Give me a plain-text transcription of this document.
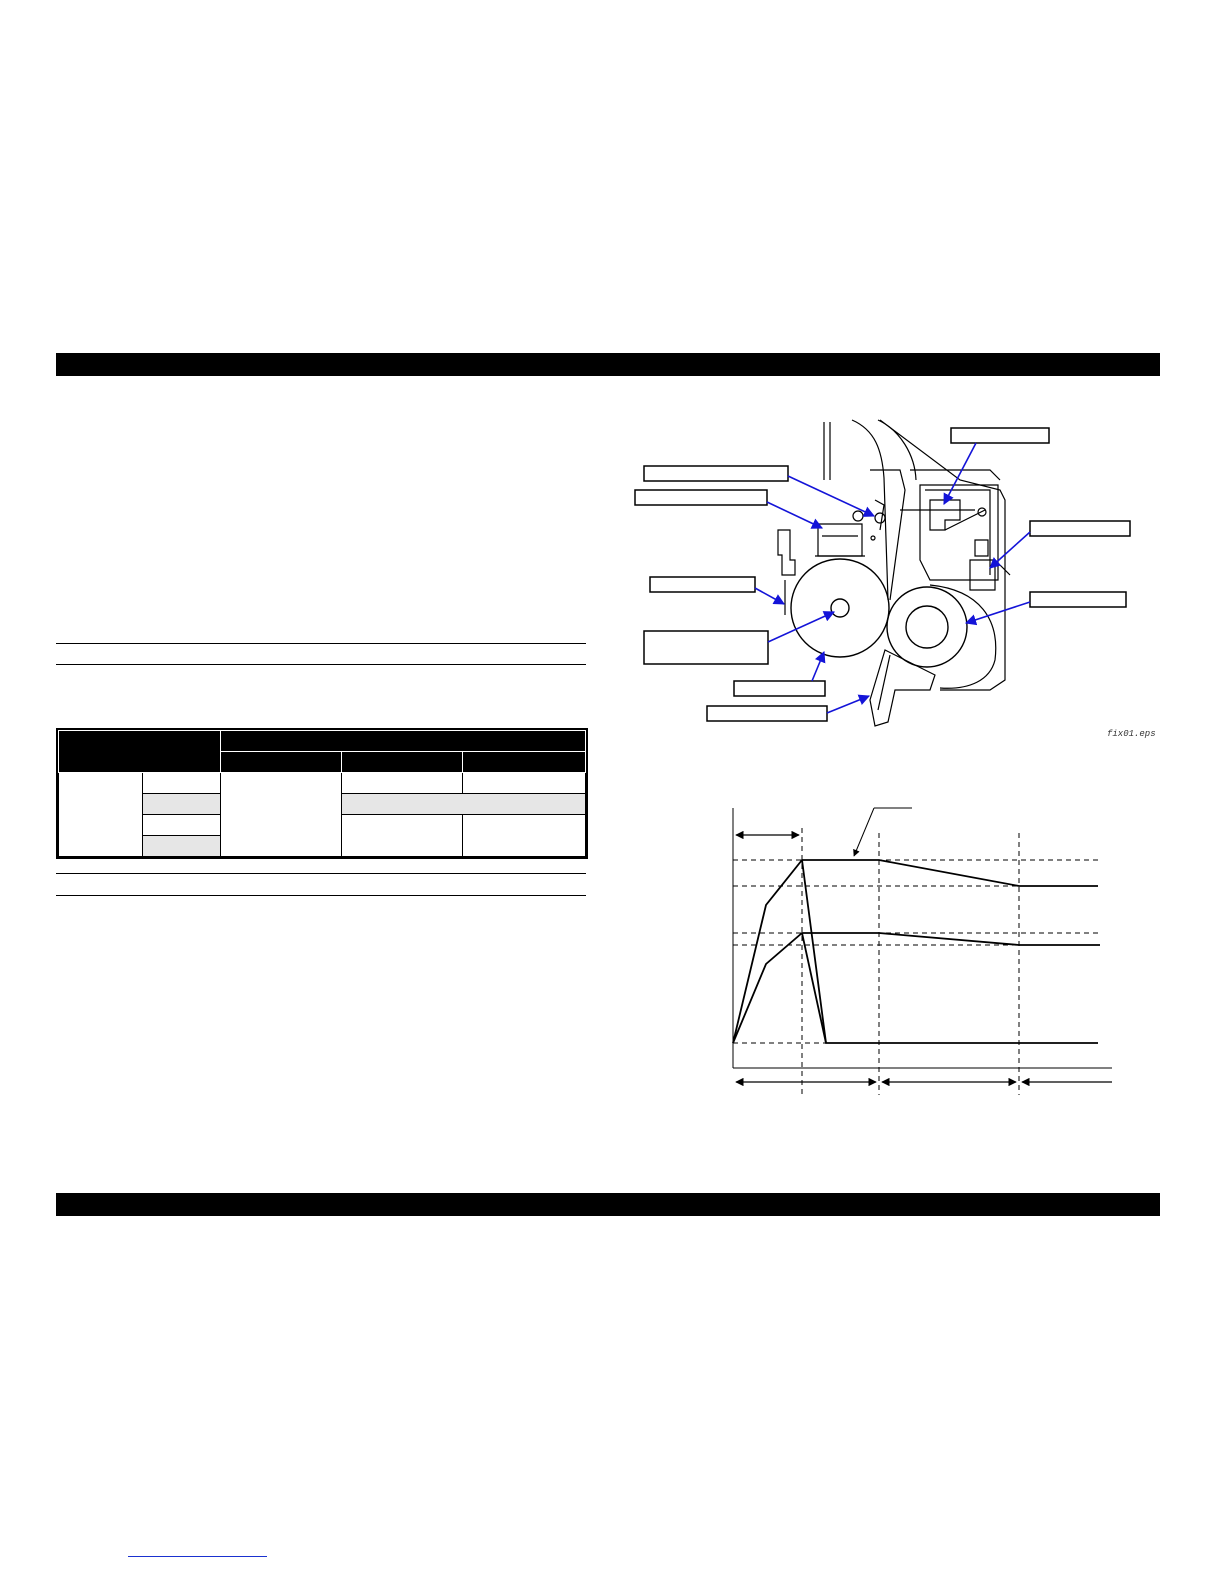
fix01.eps
